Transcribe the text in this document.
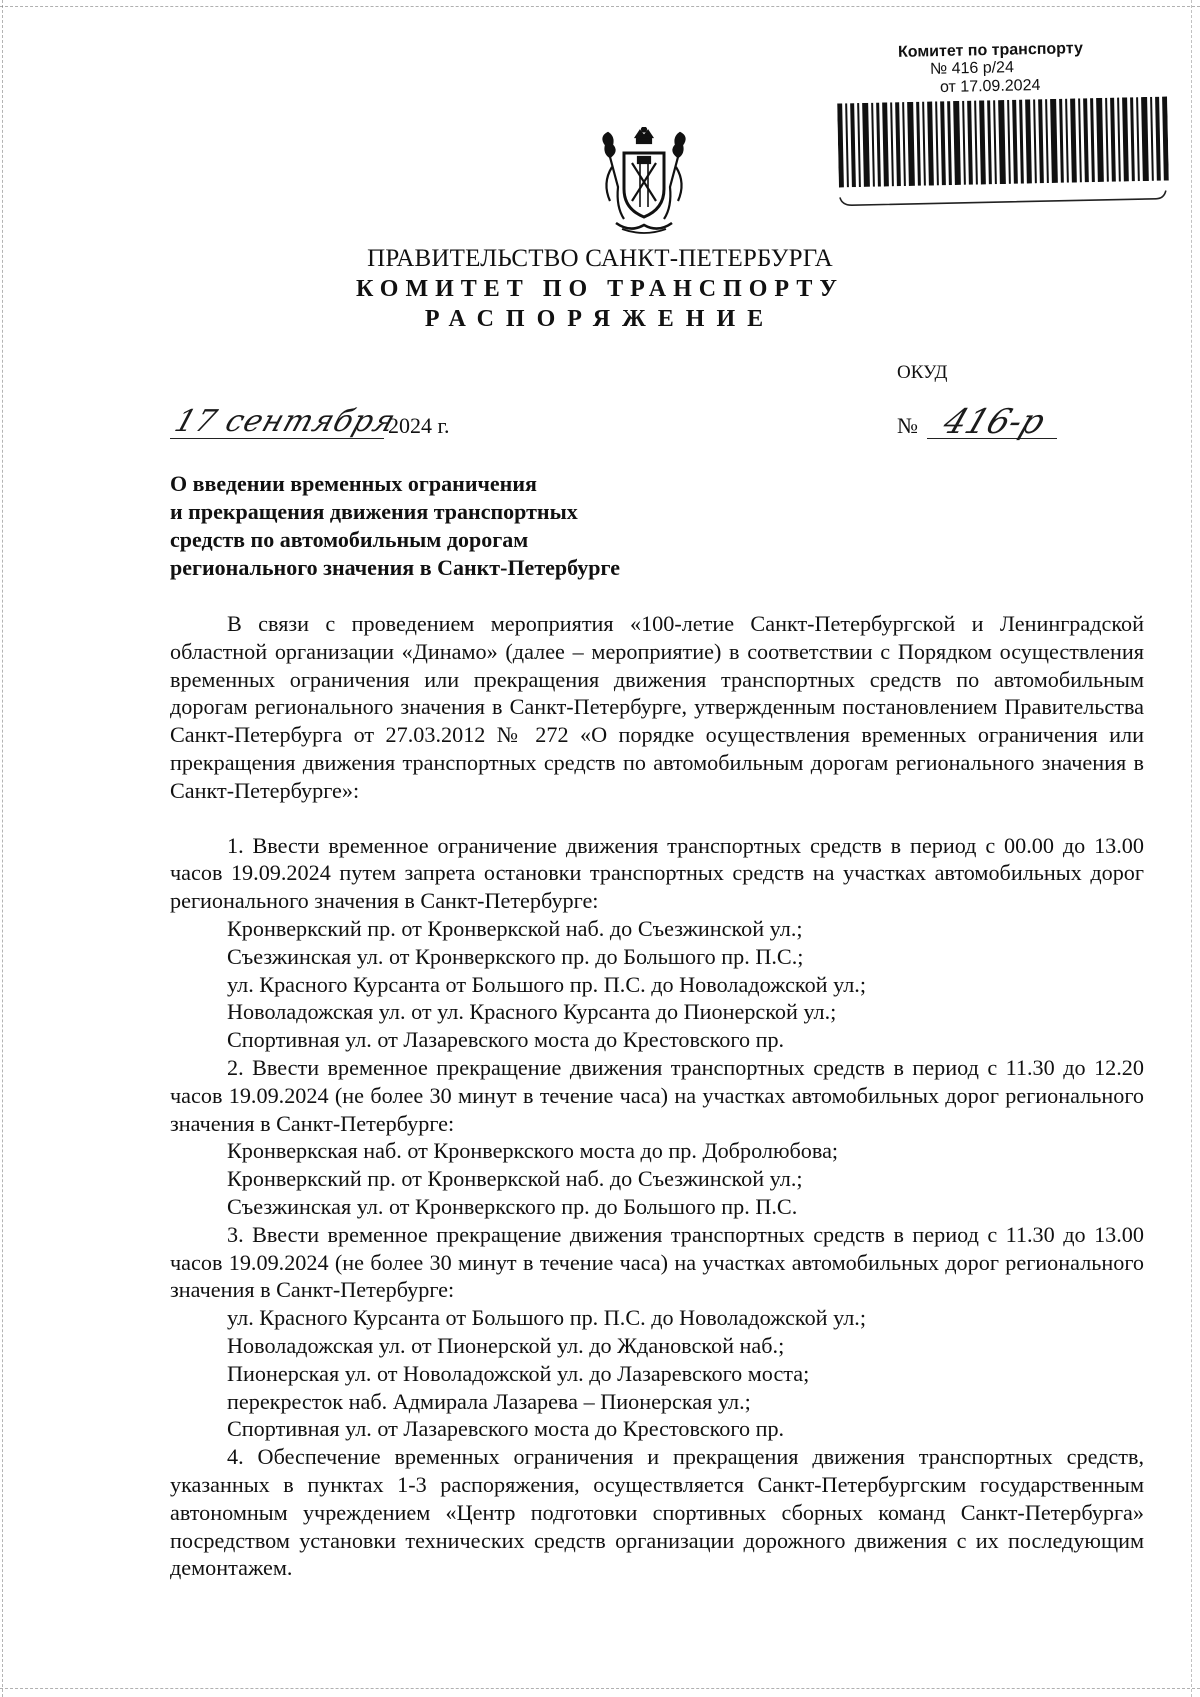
Комитет по транспорту
№ 416 р/24
от 17.09.2024
ПРАВИТЕЛЬСТВО САНКТ-ПЕТЕРБУРГА
КОМИТЕТ ПО ТРАНСПОРТУ
РАСПОРЯЖЕНИЕ
ОКУД
17 сентября
2024 г.	№ 416-р
О введении временных ограничения
и прекращения движения транспортных
средств по автомобильным дорогам
регионального значения в Санкт-Петербурге

В связи с проведением мероприятия «100-летие Санкт-Петербургской и Ленинградской областной организации «Динамо» (далее – мероприятие) в соответствии с Порядком осуществления временных ограничения или прекращения движения транспортных средств по автомобильным дорогам регионального значения в Санкт-Петербурге, утвержденным постановлением Правительства Санкт-Петербурга от 27.03.2012 № 272 «О порядке осуществления временных ограничения или прекращения движения транспортных средств по автомобильным дорогам регионального значения в Санкт-Петербурге»:

1. Ввести временное ограничение движения транспортных средств в период с 00.00 до 13.00 часов 19.09.2024 путем запрета остановки транспортных средств на участках автомобильных дорог регионального значения в Санкт-Петербурге:

Кронверкский пр. от Кронверкской наб. до Съезжинской ул.;
Съезжинская ул. от Кронверкского пр. до Большого пр. П.С.;
ул. Красного Курсанта от Большого пр. П.С. до Новоладожской ул.;
Новоладожская ул. от ул. Красного Курсанта до Пионерской ул.;
Спортивная ул. от Лазаревского моста до Крестовского пр.

2. Ввести временное прекращение движения транспортных средств в период с 11.30 до 12.20 часов 19.09.2024 (не более 30 минут в течение часа) на участках автомобильных дорог регионального значения в Санкт-Петербурге:

Кронверкская наб. от Кронверкского моста до пр. Добролюбова;
Кронверкский пр. от Кронверкской наб. до Съезжинской ул.;
Съезжинская ул. от Кронверкского пр. до Большого пр. П.С.

3. Ввести временное прекращение движения транспортных средств в период с 11.30 до 13.00 часов 19.09.2024 (не более 30 минут в течение часа) на участках автомобильных дорог регионального значения в Санкт-Петербурге:

ул. Красного Курсанта от Большого пр. П.С. до Новоладожской ул.;
Новоладожская ул. от Пионерской ул. до Ждановской наб.;
Пионерская ул. от Новоладожской ул. до Лазаревского моста;
перекресток наб. Адмирала Лазарева – Пионерская ул.;
Спортивная ул. от Лазаревского моста до Крестовского пр.

4. Обеспечение временных ограничения и прекращения движения транспортных средств, указанных в пунктах 1-3 распоряжения, осуществляется Санкт-Петербургским государственным автономным учреждением «Центр подготовки спортивных сборных команд Санкт-Петербурга» посредством установки технических средств организации дорожного движения с их последующим демонтажем.
